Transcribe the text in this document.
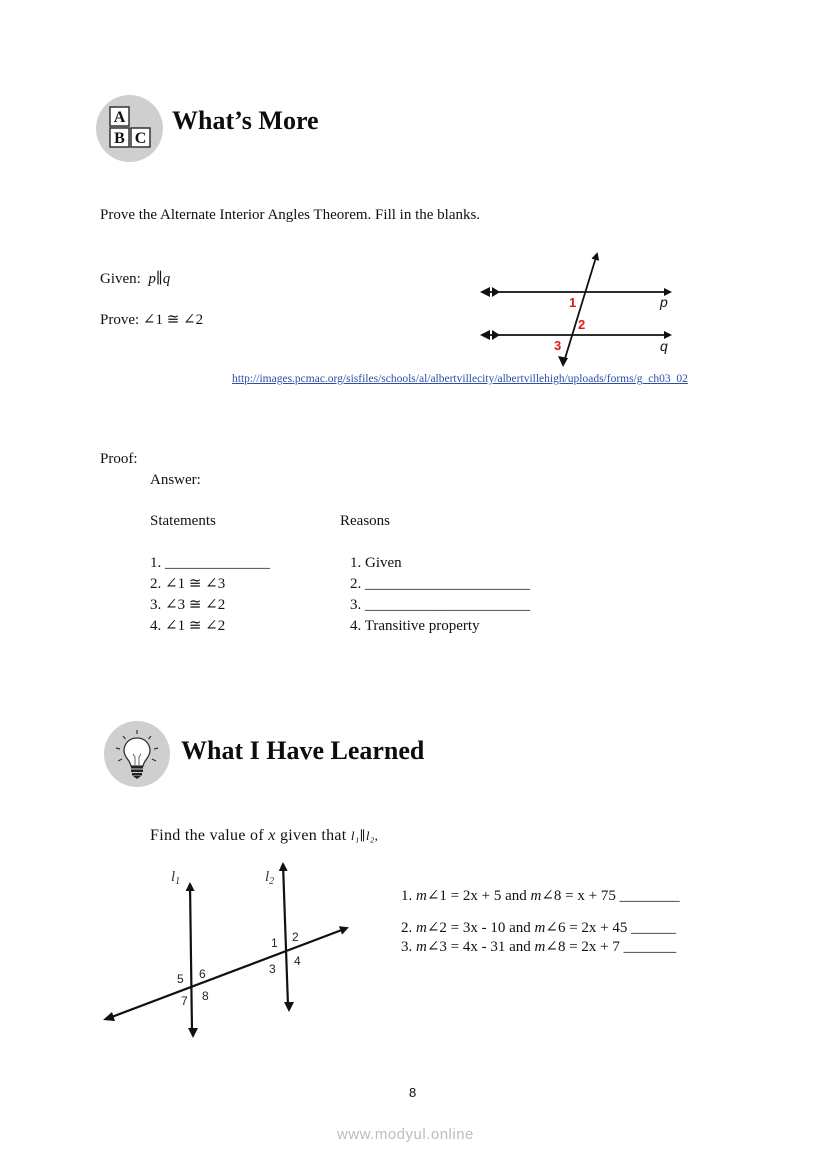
A
B C
What’s More
Prove the Alternate Interior Angles Theorem. Fill in the blanks.
Given: p∥q
Prove: ∠1 ≅ ∠2
p
q
1
2
3
http://images.pcmac.org/sisfiles/schools/al/albertvillecity/albertvillehigh/uploads/forms/g_ch03_02
Proof:
Answer:
Statements	Reasons
1. ______________
2. ∠1 ≅ ∠3
3. ∠3 ≅ ∠2
4. ∠1 ≅ ∠2
1. Given
2. ______________________
3. ______________________
4. Transitive property
What I Have Learned
Find the value of x given that l₁∥l₂,
$l_1$	$l_2$
1 2
3
4
5 6
7 8
1. m∠1 = 2x + 5 and m∠8 = x + 75 ________
2. m∠2 = 3x - 10 and m∠6 = 2x + 45 ______
3. m∠3 = 4x - 31 and m∠8 = 2x + 7 _______
8
www.modyul.online
